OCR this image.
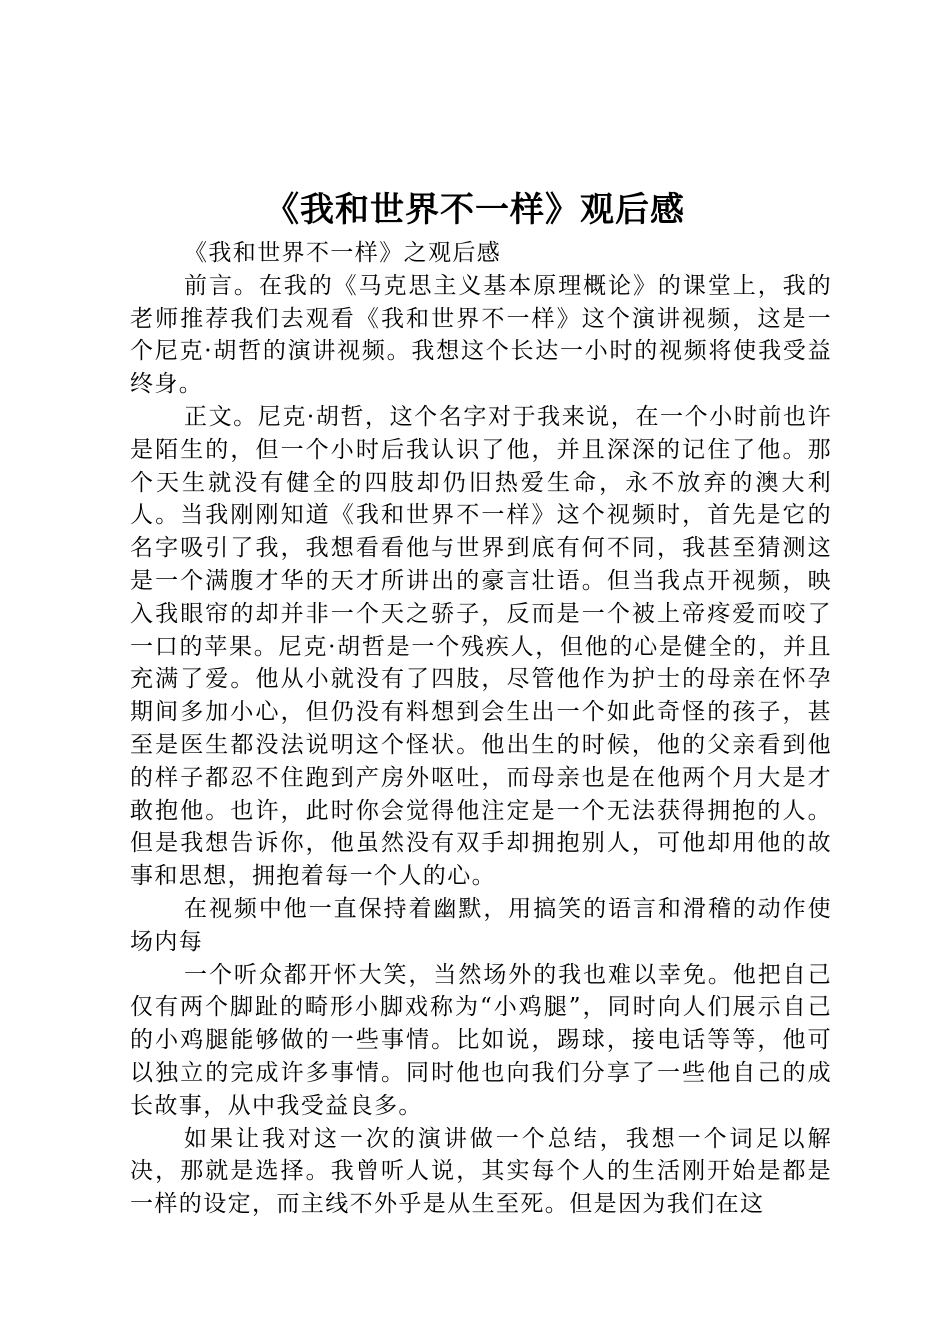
《我和世界不一样》观后感

《我和世界不一样》之观后感

前言。在我的《马克思主义基本原理概论》的课堂上，我的老师推荐我们去观看《我和世界不一样》这个演讲视频，这是一个尼克·胡哲的演讲视频。我想这个长达一小时的视频将使我受益终身。

正文。尼克·胡哲，这个名字对于我来说，在一个小时前也许是陌生的，但一个小时后我认识了他，并且深深的记住了他。那个天生就没有健全的四肢却仍旧热爱生命，永不放弃的澳大利人。当我刚刚知道《我和世界不一样》这个视频时，首先是它的名字吸引了我，我想看看他与世界到底有何不同，我甚至猜测这是一个满腹才华的天才所讲出的豪言壮语。但当我点开视频，映入我眼帘的却并非一个天之骄子，反而是一个被上帝疼爱而咬了一口的苹果。尼克·胡哲是一个残疾人，但他的心是健全的，并且充满了爱。他从小就没有了四肢，尽管他作为护士的母亲在怀孕期间多加小心，但仍没有料想到会生出一个如此奇怪的孩子，甚至是医生都没法说明这个怪状。他出生的时候，他的父亲看到他的样子都忍不住跑到产房外呕吐，而母亲也是在他两个月大是才敢抱他。也许，此时你会觉得他注定是一个无法获得拥抱的人。但是我想告诉你，他虽然没有双手却拥抱别人，可他却用他的故事和思想，拥抱着每一个人的心。

在视频中他一直保持着幽默，用搞笑的语言和滑稽的动作使场内每

一个听众都开怀大笑，当然场外的我也难以幸免。他把自己仅有两个脚趾的畸形小脚戏称为“小鸡腿”，同时向人们展示自己的小鸡腿能够做的一些事情。比如说，踢球，接电话等等，他可以独立的完成许多事情。同时他也向我们分享了一些他自己的成长故事，从中我受益良多。

如果让我对这一次的演讲做一个总结，我想一个词足以解决，那就是选择。我曾听人说，其实每个人的生活刚开始是都是一样的设定，而主线不外乎是从生至死。但是因为我们在这
